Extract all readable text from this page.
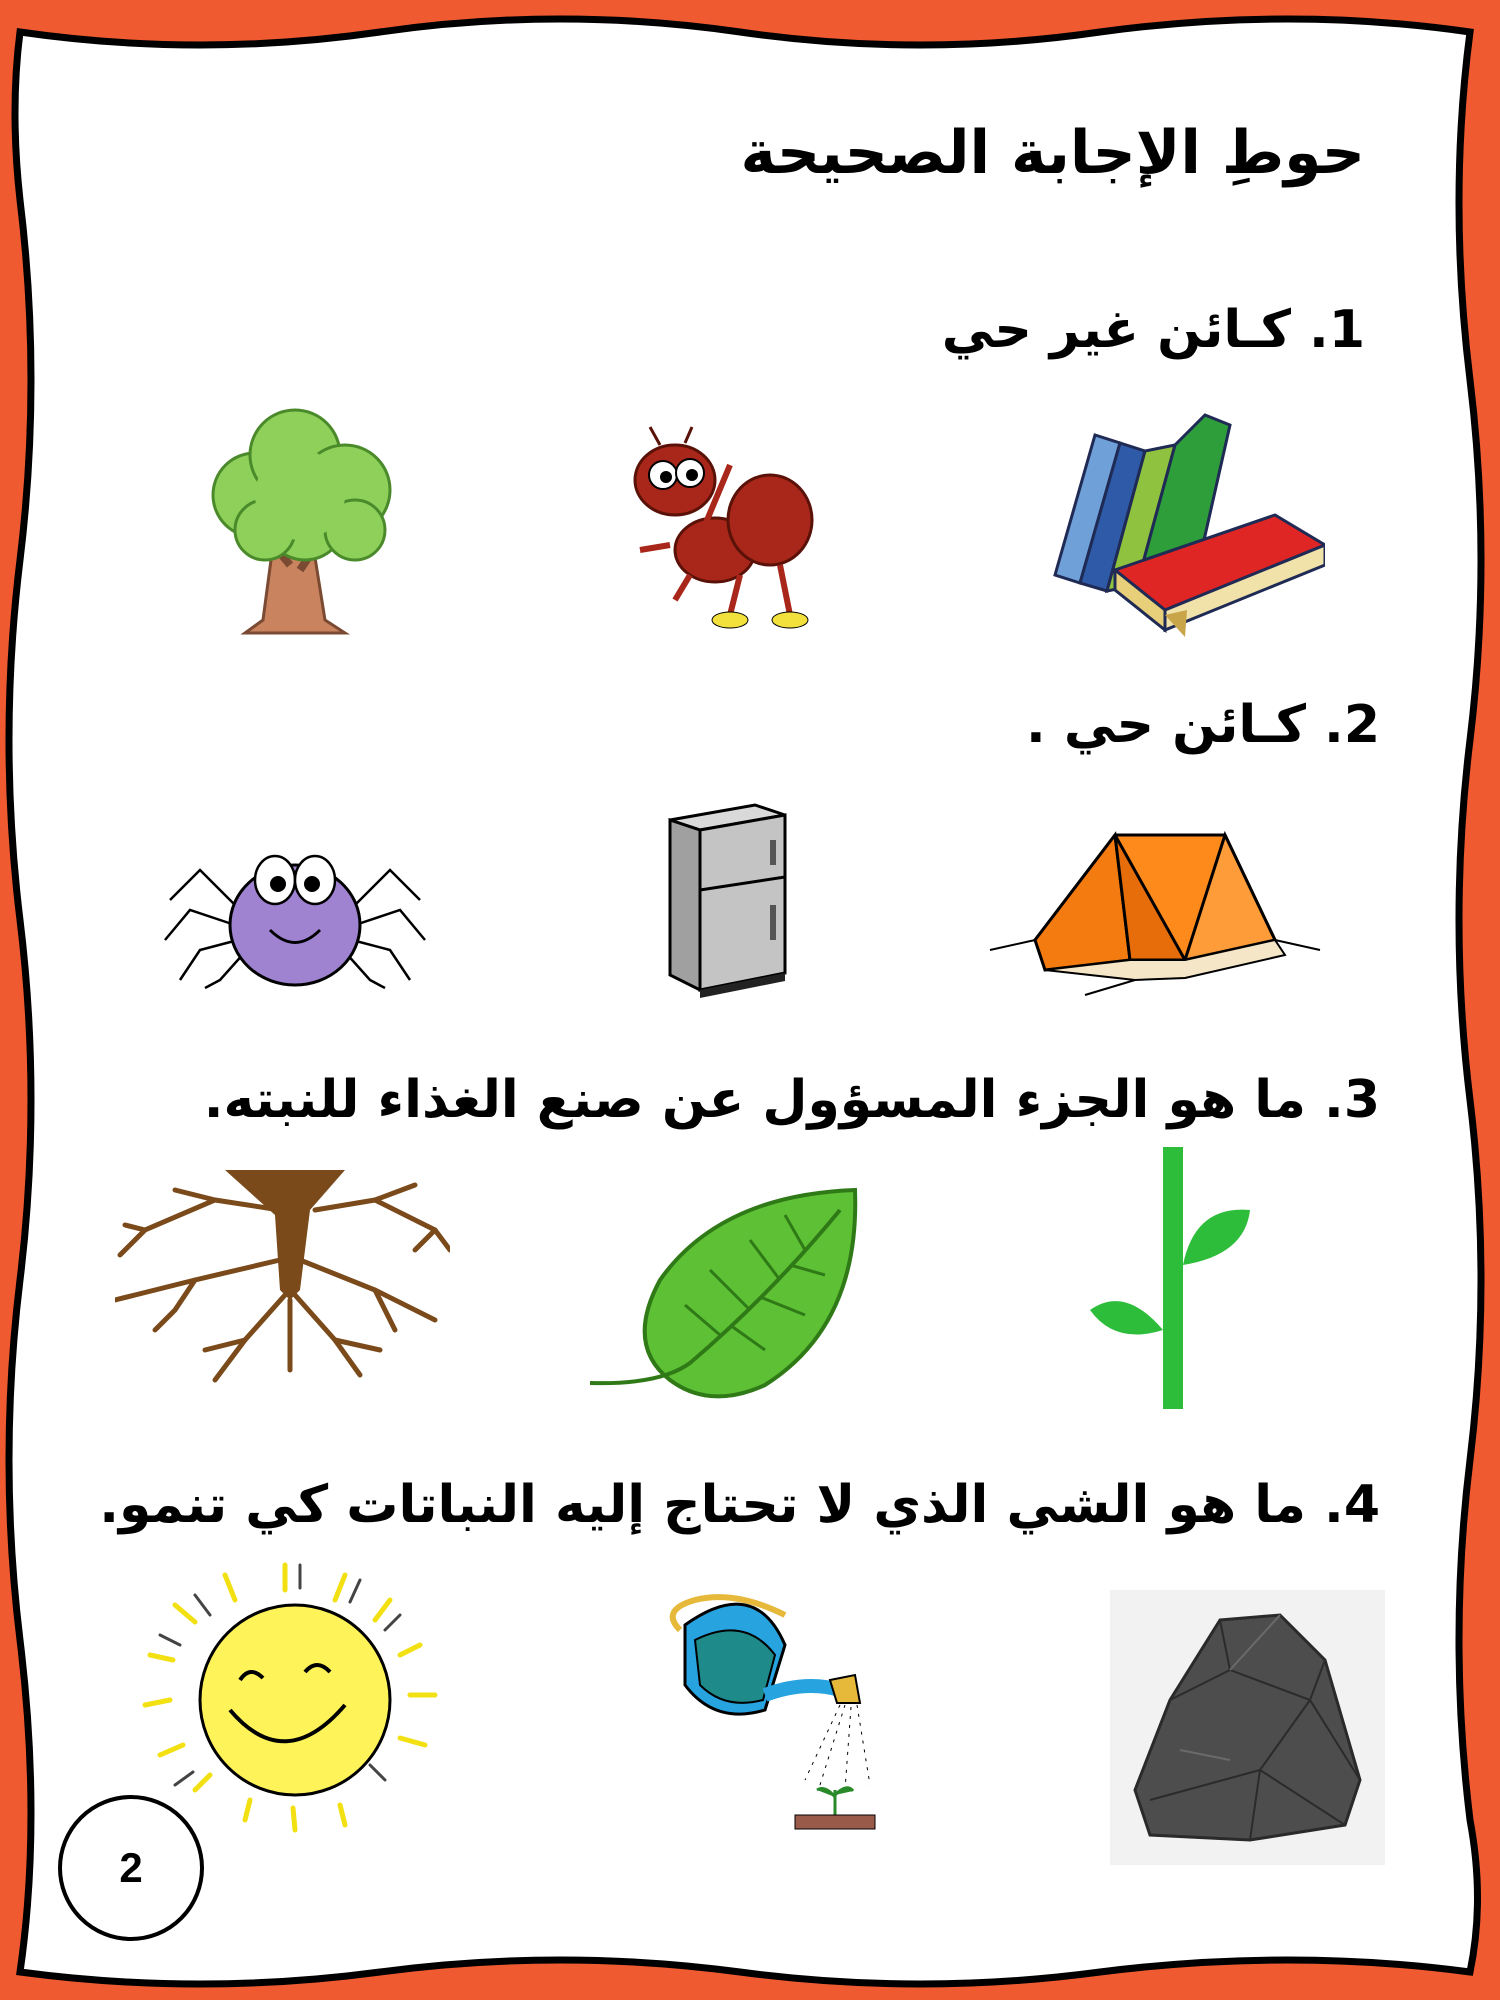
حوطِ الإجابة الصحيحة
1. كـائن غير حي
2. كـائن حي .
3. ما هو الجزء المسؤول عن صنع الغذاء للنبته.
4. ما هو الشي الذي لا تحتاج إليه النباتات كي تنمو.
2
